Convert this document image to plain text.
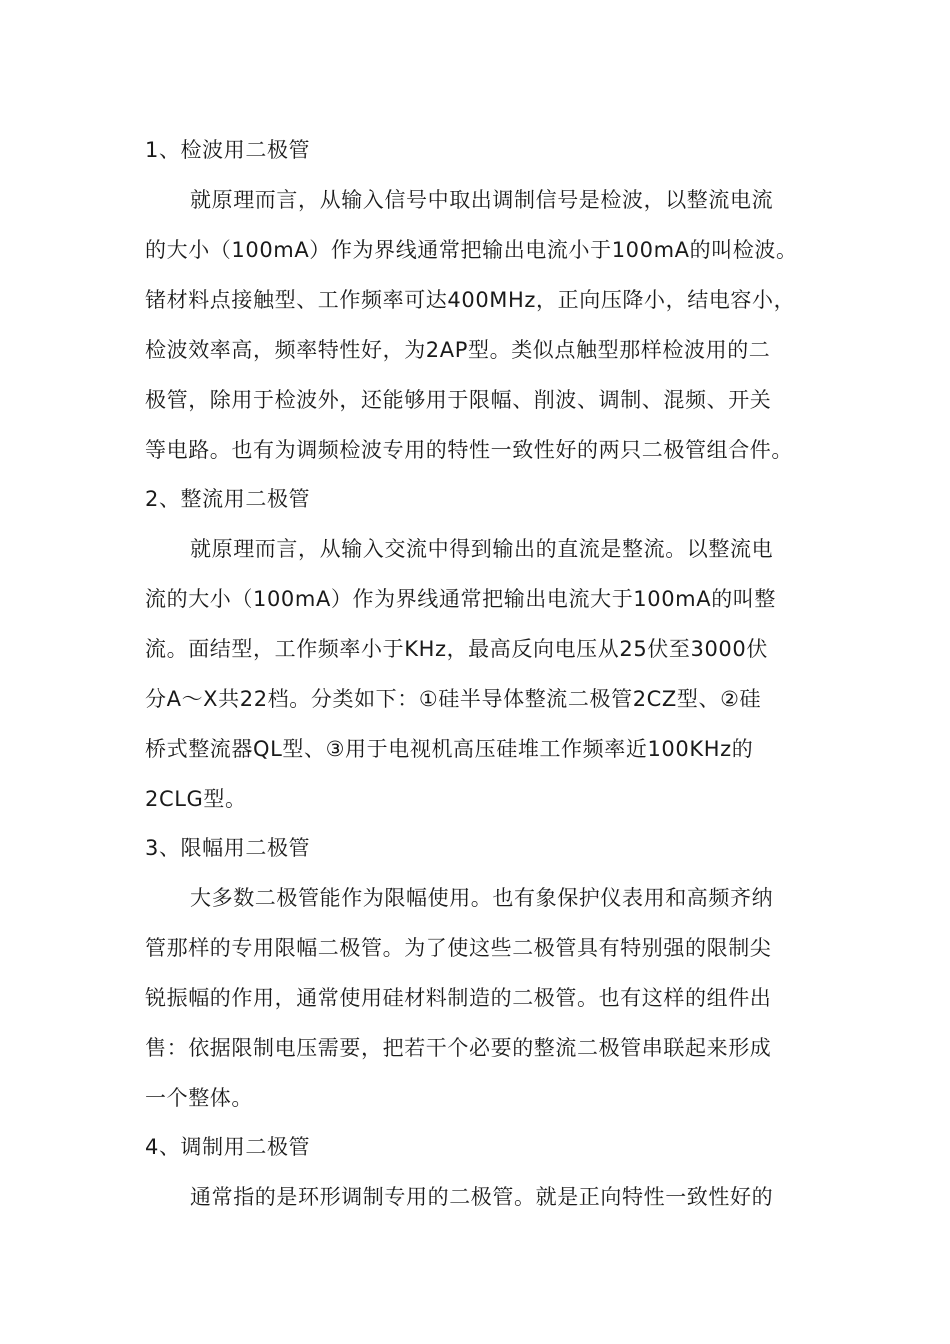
1、检波用二极管
就原理而言，从输入信号中取出调制信号是检波，以整流电流
的大小（100mA）作为界线通常把输出电流小于100mA的叫检波。
锗材料点接触型、工作频率可达400MHz，正向压降小，结电容小，
检波效率高，频率特性好，为2AP型。类似点触型那样检波用的二
极管，除用于检波外，还能够用于限幅、削波、调制、混频、开关
等电路。也有为调频检波专用的特性一致性好的两只二极管组合件。
2、整流用二极管
就原理而言，从输入交流中得到输出的直流是整流。以整流电
流的大小（100mA）作为界线通常把输出电流大于100mA的叫整
流。面结型，工作频率小于KHz，最高反向电压从25伏至3000伏
分A～X共22档。分类如下：①硅半导体整流二极管2CZ型、②硅
桥式整流器QL型、③用于电视机高压硅堆工作频率近100KHz的
2CLG型。
3、限幅用二极管
大多数二极管能作为限幅使用。也有象保护仪表用和高频齐纳
管那样的专用限幅二极管。为了使这些二极管具有特别强的限制尖
锐振幅的作用，通常使用硅材料制造的二极管。也有这样的组件出
售：依据限制电压需要，把若干个必要的整流二极管串联起来形成
一个整体。
4、调制用二极管
通常指的是环形调制专用的二极管。就是正向特性一致性好的
